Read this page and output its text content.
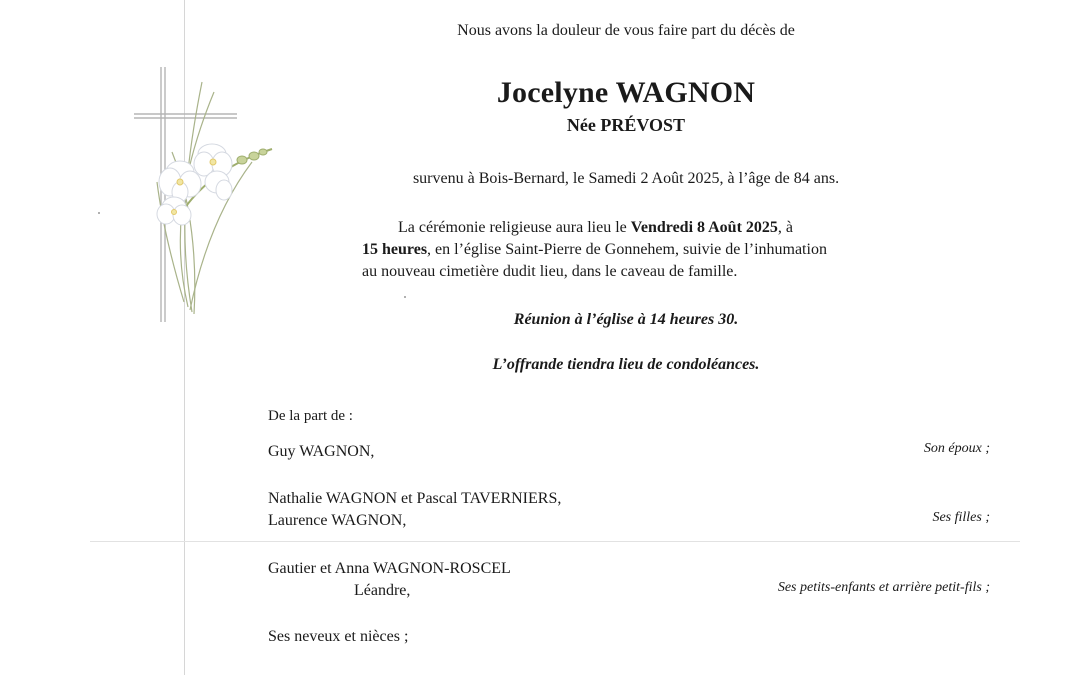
Nous avons la douleur de vous faire part du décès de
Jocelyne WAGNON
Née PRÉVOST
survenu à Bois-Bernard, le Samedi 2 Août 2025, à l’âge de 84 ans.
La cérémonie religieuse aura lieu le Vendredi 8 Août 2025, à
15 heures, en l’église Saint-Pierre de Gonnehem, suivie de l’inhumation
au nouveau cimetière dudit lieu, dans le caveau de famille.
Réunion à l’église à 14 heures 30.
L’offrande tiendra lieu de condoléances.
De la part de :
Guy WAGNON,	Son époux ;
Nathalie WAGNON et Pascal TAVERNIERS,
Laurence WAGNON,	Ses filles ;
Gautier et Anna WAGNON-ROSCEL
Léandre,	Ses petits-enfants et arrière petit-fils ;
Ses neveux et nièces ;
